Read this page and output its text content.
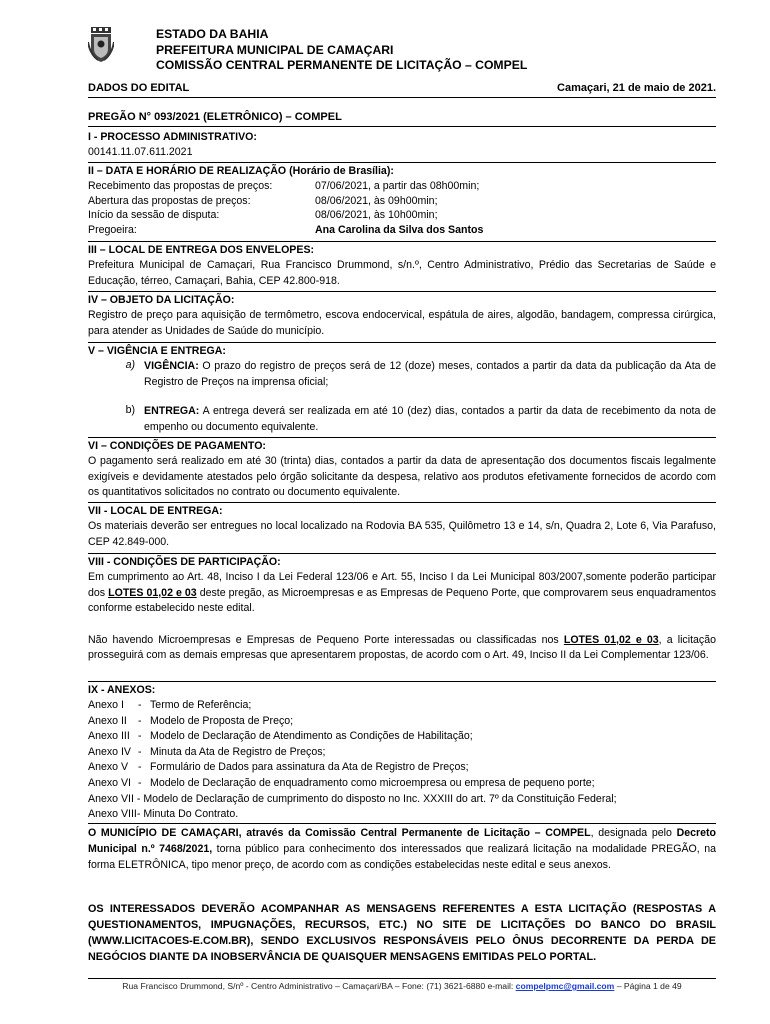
ESTADO DA BAHIA
PREFEITURA MUNICIPAL DE CAMAÇARI
COMISSÃO CENTRAL PERMANENTE DE LICITAÇÃO – COMPEL
DADOS DO EDITAL	Camaçari, 21 de maio de 2021.
PREGÃO N° 093/2021 (ELETRÔNICO) – COMPEL
I - PROCESSO ADMINISTRATIVO:
00141.11.07.611.2021
II – DATA E HORÁRIO DE REALIZAÇÃO (Horário de Brasília):
Recebimento das propostas de preços:	07/06/2021, a partir das 08h00min;
Abertura das propostas de preços:	08/06/2021, às 09h00min;
Início da sessão de disputa:	08/06/2021, às 10h00min;
Pregoeira:	Ana Carolina da Silva dos Santos
III – LOCAL DE ENTREGA DOS ENVELOPES:
Prefeitura Municipal de Camaçari, Rua Francisco Drummond, s/n.º, Centro Administrativo, Prédio das Secretarias de Saúde e Educação, térreo, Camaçari, Bahia, CEP 42.800-918.
IV – OBJETO DA LICITAÇÃO:
Registro de preço para aquisição de termômetro, escova endocervical, espátula de aires, algodão, bandagem, compressa cirúrgica, para atender as Unidades de Saúde do município.
V – VIGÊNCIA E ENTREGA:
a) VIGÊNCIA: O prazo do registro de preços será de 12 (doze) meses, contados a partir da data da publicação da Ata de Registro de Preços na imprensa oficial;
b) ENTREGA: A entrega deverá ser realizada em até 10 (dez) dias, contados a partir da data de recebimento da nota de empenho ou documento equivalente.
VI – CONDIÇÕES DE PAGAMENTO:
O pagamento será realizado em até 30 (trinta) dias, contados a partir da data de apresentação dos documentos fiscais legalmente exigíveis e devidamente atestados pelo órgão solicitante da despesa, relativo aos produtos efetivamente fornecidos de acordo com os quantitativos solicitados no contrato ou documento equivalente.
VII - LOCAL DE ENTREGA:
Os materiais deverão ser entregues no local localizado na Rodovia BA 535, Quilômetro 13 e 14, s/n, Quadra 2, Lote 6, Via Parafuso, CEP 42.849-000.
VIII - CONDIÇÕES DE PARTICIPAÇÃO:
Em cumprimento ao Art. 48, Inciso I da Lei Federal 123/06 e Art. 55, Inciso I da Lei Municipal 803/2007,somente poderão participar dos LOTES 01,02 e 03 deste pregão, as Microempresas e as Empresas de Pequeno Porte, que comprovarem seus enquadramentos conforme estabelecido neste edital.
Não havendo Microempresas e Empresas de Pequeno Porte interessadas ou classificadas nos LOTES 01,02 e 03, a licitação prosseguirá com as demais empresas que apresentarem propostas, de acordo com o Art. 49, Inciso II da Lei Complementar 123/06.
IX - ANEXOS:
Anexo I	- Termo de Referência;
Anexo II	- Modelo de Proposta de Preço;
Anexo III - Modelo de Declaração de Atendimento as Condições de Habilitação;
Anexo IV - Minuta da Ata de Registro de Preços;
Anexo V - Formulário de Dados para assinatura da Ata de Registro de Preços;
Anexo VI - Modelo de Declaração de enquadramento como microempresa ou empresa de pequeno porte;
Anexo VII - Modelo de Declaração de cumprimento do disposto no Inc. XXXIII do art. 7º da Constituição Federal;
Anexo VIII- Minuta Do Contrato.
O MUNICÍPIO DE CAMAÇARI, através da Comissão Central Permanente de Licitação – COMPEL, designada pelo Decreto Municipal n.º 7468/2021, torna público para conhecimento dos interessados que realizará licitação na modalidade PREGÃO, na forma ELETRÔNICA, tipo menor preço, de acordo com as condições estabelecidas neste edital e seus anexos.
OS INTERESSADOS DEVERÃO ACOMPANHAR AS MENSAGENS REFERENTES A ESTA LICITAÇÃO (RESPOSTAS A QUESTIONAMENTOS, IMPUGNAÇÕES, RECURSOS, ETC.) NO SITE DE LICITAÇÕES DO BANCO DO BRASIL (WWW.LICITACOES-E.COM.BR), SENDO EXCLUSIVOS RESPONSÁVEIS PELO ÔNUS DECORRENTE DA PERDA DE NEGÓCIOS DIANTE DA INOBSERVÂNCIA DE QUAISQUER MENSAGENS EMITIDAS PELO PORTAL.
Rua Francisco Drummond, S/nº - Centro Administrativo – Camaçari/BA – Fone: (71) 3621-6880 e-mail: compelpmc@gmail.com – Página 1 de 49
